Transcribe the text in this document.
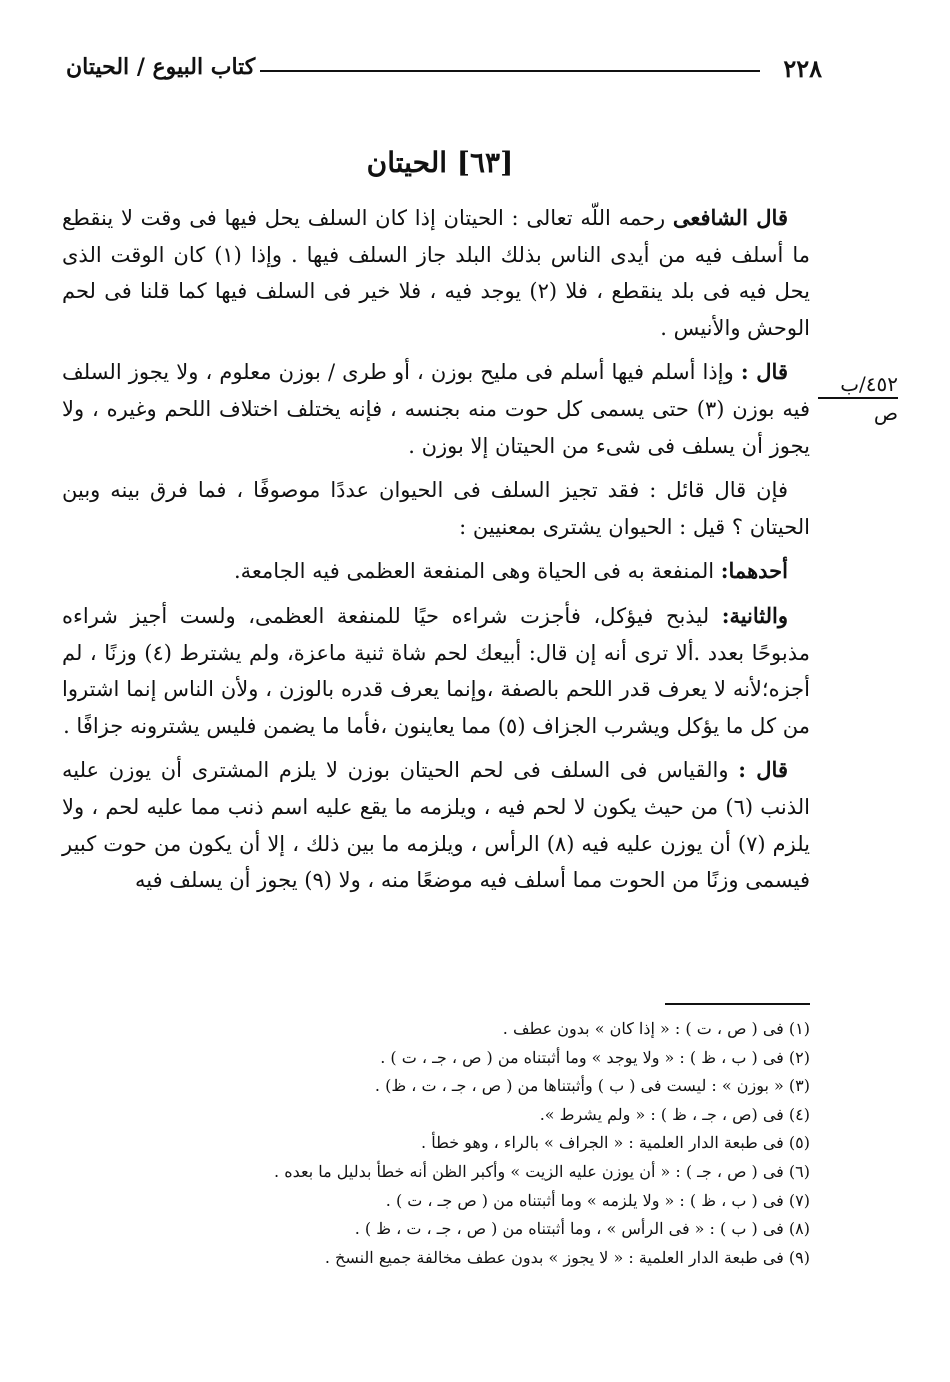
كتاب البيوع / الحيتان	٢٢٨
[٦٣] الحيتان

قال الشافعى رحمه اللّه تعالى : الحيتان إذا كان السلف يحل فيها فى وقت لا ينقطع ما أسلف فيه من أيدى الناس بذلك البلد جاز السلف فيها . وإذا (١) كان الوقت الذى يحل فيه فى بلد ينقطع ، فلا (٢) يوجد فيه ، فلا خير فى السلف فيها كما قلنا فى لحم الوحش والأنيس .

قال : وإذا أسلم فيها أسلم فى مليح بوزن ، أو طرى / بوزن معلوم ، ولا يجوز السلف فيه بوزن (٣) حتى يسمى كل حوت منه بجنسه ، فإنه يختلف اختلاف اللحم وغيره ، ولا يجوز أن يسلف فى شىء من الحيتان إلا بوزن .

فإن قال قائل : فقد تجيز السلف فى الحيوان عددًا موصوفًا ، فما فرق بينه وبين الحيتان ؟ قيل : الحيوان يشترى بمعنيين :

أحدهما: المنفعة به فى الحياة وهى المنفعة العظمى فيه الجامعة.

والثانية: ليذبح فيؤكل، فأجزت شراءه حيًا للمنفعة العظمى، ولست أجيز شراءه مذبوحًا بعدد .ألا ترى أنه إن قال: أبيعك لحم شاة ثنية ماعزة، ولم يشترط (٤) وزنًا ، لم أجزه؛لأنه لا يعرف قدر اللحم بالصفة ،وإنما يعرف قدره بالوزن ، ولأن الناس إنما اشتروا من كل ما يؤكل ويشرب الجزاف (٥) مما يعاينون ،فأما ما يضمن فليس يشترونه جزافًا .

قال : والقياس فى السلف فى لحم الحيتان بوزن لا يلزم المشترى أن يوزن عليه الذنب (٦) من حيث يكون لا لحم فيه ، ويلزمه ما يقع عليه اسم ذنب مما عليه لحم ، ولا يلزم (٧) أن يوزن عليه فيه (٨) الرأس ، ويلزمه ما بين ذلك ، إلا أن يكون من حوت كبير فيسمى وزنًا من الحوت مما أسلف فيه موضعًا منه ، ولا (٩) يجوز أن يسلف فيه

٤٥٢/ب
ص
(١) فى ( ص ، ت ) : « إذا كان » بدون عطف .
(٢) فى ( ب ، ظ ) : « ولا يوجد » وما أثبتناه من ( ص ، جـ ، ت ) .
(٣) « بوزن » : ليست فى ( ب ) وأثبتناها من ( ص ، جـ ، ت ، ظ) .
(٤) فى (ص ، جـ ، ظ ) : « ولم يشرط ».
(٥) فى طبعة الدار العلمية : « الجراف » بالراء ، وهو خطأ .
(٦) فى ( ص ، جـ ) : « أن يوزن عليه الزيت » وأكبر الظن أنه خطأ بدليل ما بعده .
(٧) فى ( ب ، ظ ) : « ولا يلزمه » وما أثبتناه من ( ص جـ ، ت ) .
(٨) فى ( ب ) : « فى الرأس » ، وما أثبتناه من ( ص ، جـ ، ت ، ظ ) .
(٩) فى طبعة الدار العلمية : « لا يجوز » بدون عطف مخالفة جميع النسخ .
